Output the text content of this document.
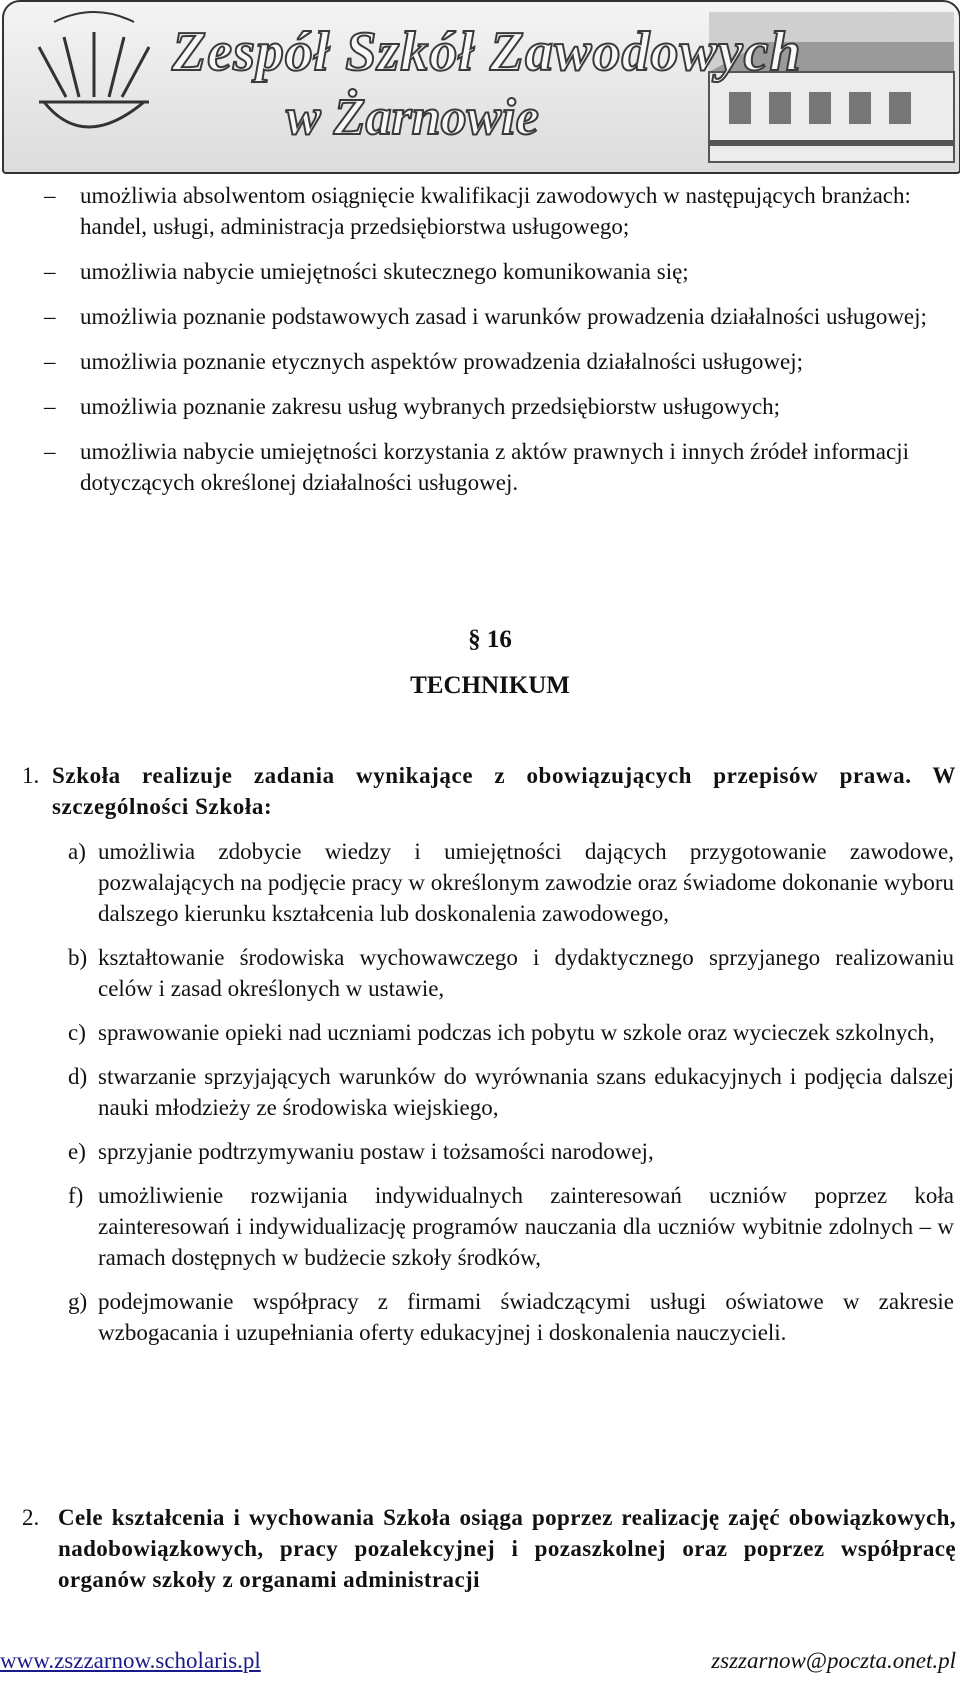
Zespół Szkół Zawodowych
w Żarnowie
– umożliwia absolwentom osiągnięcie kwalifikacji zawodowych w następujących branżach: handel, usługi, administracja przedsiębiorstwa usługowego;
– umożliwia nabycie umiejętności skutecznego komunikowania się;
– umożliwia poznanie podstawowych zasad i warunków prowadzenia działalności usługowej;
– umożliwia poznanie etycznych aspektów prowadzenia działalności usługowej;
– umożliwia poznanie zakresu usług wybranych przedsiębiorstw usługowych;
– umożliwia nabycie umiejętności korzystania z aktów prawnych i innych źródeł informacji dotyczących określonej działalności usługowej.
§ 16
TECHNIKUM
1. Szkoła realizuje zadania wynikające z obowiązujących przepisów prawa. W szczególności Szkoła:
a) umożliwia zdobycie wiedzy i umiejętności dających przygotowanie zawodowe, pozwalających na podjęcie pracy w określonym zawodzie oraz świadome dokonanie wyboru dalszego kierunku kształcenia lub doskonalenia zawodowego,
b) kształtowanie środowiska wychowawczego i dydaktycznego sprzyjanego realizowaniu celów i zasad określonych w ustawie,
c) sprawowanie opieki nad uczniami podczas ich pobytu w szkole oraz wycieczek szkolnych,
d) stwarzanie sprzyjających warunków do wyrównania szans edukacyjnych i podjęcia dalszej nauki młodzieży ze środowiska wiejskiego,
e) sprzyjanie podtrzymywaniu postaw i tożsamości narodowej,
f) umożliwienie rozwijania indywidualnych zainteresowań uczniów poprzez koła zainteresowań i indywidualizację programów nauczania dla uczniów wybitnie zdolnych – w ramach dostępnych w budżecie szkoły środków,
g) podejmowanie współpracy z firmami świadczącymi usługi oświatowe w zakresie wzbogacania i uzupełniania oferty edukacyjnej i doskonalenia nauczycieli.
2. Cele kształcenia i wychowania Szkoła osiąga poprzez realizację zajęć obowiązkowych, nadobowiązkowych, pracy pozalekcyjnej i pozaszkolnej oraz poprzez współpracę organów szkoły z organami administracji
www.zszzarnow.scholaris.pl	zszzarnow@poczta.onet.pl
